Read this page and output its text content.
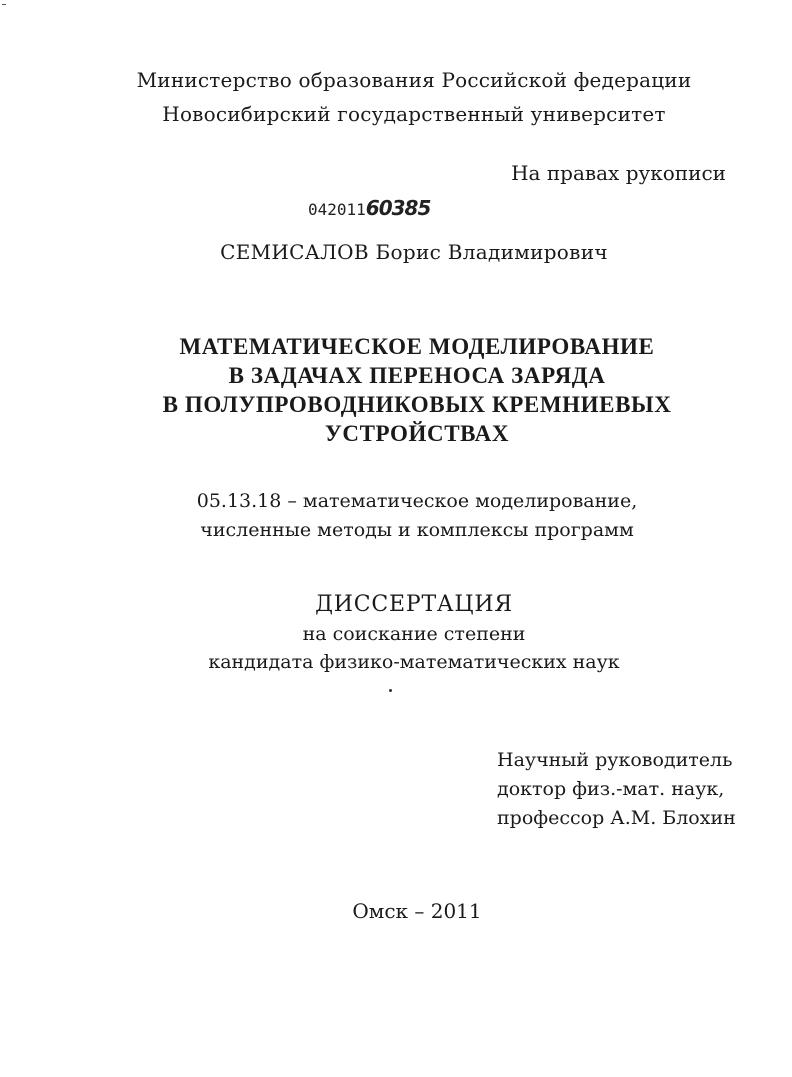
Министерство образования Российской федерации
Новосибирский государственный университет
На правах рукописи
04201160385
СЕМИСАЛОВ Борис Владимирович
МАТЕМАТИЧЕСКОЕ МОДЕЛИРОВАНИЕ
В ЗАДАЧАХ ПЕРЕНОСА ЗАРЯДА
В ПОЛУПРОВОДНИКОВЫХ КРЕМНИЕВЫХ
УСТРОЙСТВАХ
05.13.18 – математическое моделирование,
численные методы и комплексы программ
ДИССЕРТАЦИЯ
на соискание степени
кандидата физико-математических наук
Научный руководитель
доктор физ.-мат. наук,
профессор А.М. Блохин
Омск – 2011
